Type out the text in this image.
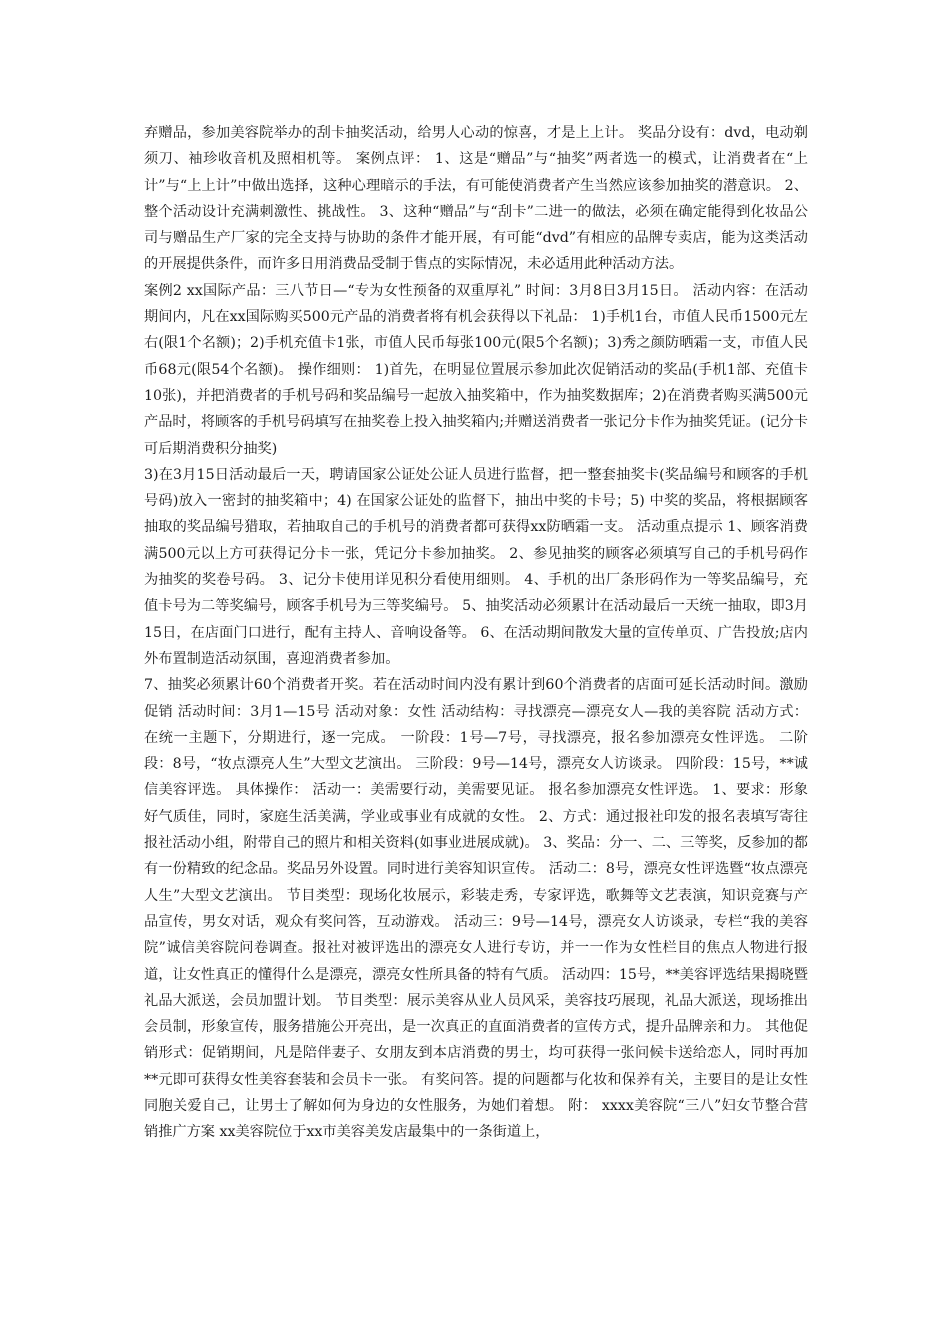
弃赠品，参加美容院举办的刮卡抽奖活动，给男人心动的惊喜，才是上上计。 奖品分设有：dvd，电动剃须刀、袖珍收音机及照相机等。 案例点评： 1、这是“赠品”与“抽奖”两者选一的模式，让消费者在“上计”与“上上计”中做出选择，这种心理暗示的手法，有可能使消费者产生当然应该参加抽奖的潜意识。 2、整个活动设计充满刺激性、挑战性。 3、这种“赠品”与“刮卡”二进一的做法，必须在确定能得到化妆品公司与赠品生产厂家的完全支持与协助的条件才能开展，有可能“dvd”有相应的品牌专卖店，能为这类活动的开展提供条件，而许多日用消费品受制于售点的实际情况，未必适用此种活动方法。

案例2 xx国际产品：三八节日—“专为女性预备的双重厚礼” 时间：3月8日3月15日。 活动内容：在活动期间内，凡在xx国际购买500元产品的消费者将有机会获得以下礼品： 1)手机1台，市值人民币1500元左右(限1个名额)；2)手机充值卡1张，市值人民币每张100元(限5个名额)；3)秀之颜防晒霜一支，市值人民币68元(限54个名额)。 操作细则： 1)首先，在明显位置展示参加此次促销活动的奖品(手机1部、充值卡10张)，并把消费者的手机号码和奖品编号一起放入抽奖箱中，作为抽奖数据库；2)在消费者购买满500元产品时，将顾客的手机号码填写在抽奖卷上投入抽奖箱内;并赠送消费者一张记分卡作为抽奖凭证。(记分卡可后期消费积分抽奖)

3)在3月15日活动最后一天，聘请国家公证处公证人员进行监督，把一整套抽奖卡(奖品编号和顾客的手机号码)放入一密封的抽奖箱中；4) 在国家公证处的监督下，抽出中奖的卡号；5) 中奖的奖品，将根据顾客抽取的奖品编号猎取，若抽取自己的手机号的消费者都可获得xx防晒霜一支。 活动重点提示 1、顾客消费满500元以上方可获得记分卡一张，凭记分卡参加抽奖。 2、参见抽奖的顾客必须填写自己的手机号码作为抽奖的奖卷号码。 3、记分卡使用详见积分看使用细则。 4、手机的出厂条形码作为一等奖品编号，充值卡号为二等奖编号，顾客手机号为三等奖编号。 5、抽奖活动必须累计在活动最后一天统一抽取，即3月15日，在店面门口进行，配有主持人、音响设备等。 6、在活动期间散发大量的宣传单页、广告投放;店内外布置制造活动氛围，喜迎消费者参加。

7、抽奖必须累计60个消费者开奖。若在活动时间内没有累计到60个消费者的店面可延长活动时间。激励促销 活动时间：3月1—15号 活动对象：女性 活动结构：寻找漂亮—漂亮女人—我的美容院 活动方式：在统一主题下，分期进行，逐一完成。 一阶段：1号—7号，寻找漂亮，报名参加漂亮女性评选。 二阶段：8号，“妆点漂亮人生”大型文艺演出。 三阶段：9号—14号，漂亮女人访谈录。 四阶段：15号，**诚信美容评选。 具体操作： 活动一：美需要行动，美需要见证。 报名参加漂亮女性评选。 1、要求：形象好气质佳，同时，家庭生活美满，学业或事业有成就的女性。 2、方式：通过报社印发的报名表填写寄往报社活动小组，附带自己的照片和相关资料(如事业进展成就)。 3、奖品：分一、二、三等奖，反参加的都有一份精致的纪念品。奖品另外设置。同时进行美容知识宣传。 活动二：8号，漂亮女性评选暨“妆点漂亮人生”大型文艺演出。 节目类型：现场化妆展示，彩装走秀，专家评选，歌舞等文艺表演，知识竞赛与产品宣传，男女对话，观众有奖问答，互动游戏。 活动三：9号—14号，漂亮女人访谈录，专栏“我的美容院”诚信美容院问卷调查。报社对被评选出的漂亮女人进行专访，并一一作为女性栏目的焦点人物进行报道，让女性真正的懂得什么是漂亮，漂亮女性所具备的特有气质。 活动四：15号，**美容评选结果揭晓暨礼品大派送，会员加盟计划。 节目类型：展示美容从业人员风采，美容技巧展现，礼品大派送，现场推出会员制，形象宣传，服务措施公开亮出，是一次真正的直面消费者的宣传方式，提升品牌亲和力。 其他促销形式：促销期间，凡是陪伴妻子、女朋友到本店消费的男士，均可获得一张问候卡送给恋人，同时再加**元即可获得女性美容套装和会员卡一张。 有奖问答。提的问题都与化妆和保养有关，主要目的是让女性同胞关爱自己，让男士了解如何为身边的女性服务，为她们着想。 附： xxxx美容院“三八”妇女节整合营销推广方案 xx美容院位于xx市美容美发店最集中的一条街道上，
